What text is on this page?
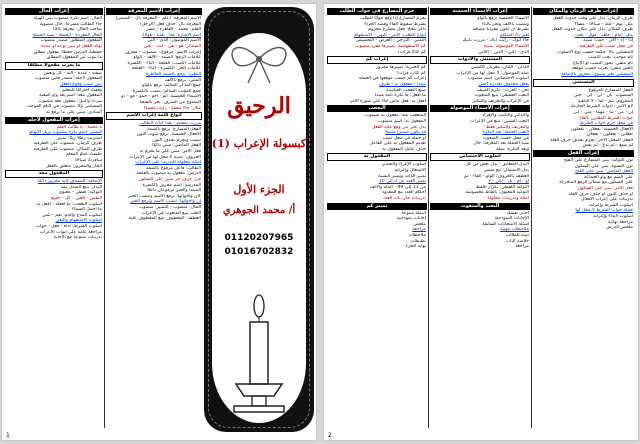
إعراب الحال
الحال: اسم نكرة منصوب يبين الهيئة
جاء الطالبُ مسرعًا: حال منصوبة
صاحب الحال: معرفة غالبًا
الحال المفردة - الجملة - شبه الجملة
المفعول المطلق: مصدر منصوب
يؤكد الفعل أو يبين نوعه أو عدده
حفظتُ الدرسَ حفظًا: مفعول مطلق
ما ينوب عن المفعول المطلق
ما يعرب مفعولًا مطلقًا
صفته - عدده - آلته - كل وبعض
المفعول لأجله: مصدر قلبي منصوب
يبين سبب وقوع الفعل
وقفتُ احترامًا للمعلم
المفعول معه: اسم بعد واو المعية
سرتُ والنيلَ: مفعول معه منصوب
المستثنى بإلا: منصوب في التام الموجب
المنادى: مبني على ما يرفع به
إعراب المفعول لأجله
يا محمدُ - يا طالبَ العلمِ
التمييز: اسم نكرة منصوب يزيل الإبهام
اشتريت رطلًا زيتًا: تمييز
ظرف الزمان: منصوب على الظرفية
ظرف المكان: منصوب على الظرفية
جلستُ أمامَ المعلمِ
سافرتُ صباحًا
الجار والمجرور: متعلق بالفعل
المفعول معه
الإضافة: المضاف إليه مجرور دائمًا
البدل: يتبع المبدل منه
التوكيد: لفظي - معنوي
النفس - العين - كل - جميع
أسلوب التعجب: ما أفعله - أفعل به
ما أجملَ السماءَ
أسلوب المدح والذم: نعم - بئس
أسلوب الاستفهام والنفي
أسلوب الشرط: أداة - فعل - جواب
مراجعة عامة على أبواب الإعراب
تدريبات متنوعة مع الإجابة
إعراب الاسم المعرفة
الاسم المعرفة: (علم - المعرفة بأل - الضمير)
المعرفة بأل: حذف فعل (الرجل)
العلم: محمد - القاهرة - مصر
اسم الإشارة: هذا - هذه - هؤلاء
الاسم الموصول: الذي - التي
الضمائر: هو - هي - أنت - نحن
إعراب الاسم: مرفوع - منصوب - مجرور
علامات الرفع: الضمة - الألف - الواو
علامات النصب: الفتحة - الياء - الكسرة
علامات الجر: الكسرة - الياء - الفتحة
المفرد: يرفع بالضمة الظاهرة
المثنى: يرفع بالألف
جمع المذكر السالم: يرفع بالواو
جمع المؤنث السالم: ينصب بالكسرة
الأسماء الخمسة: أبو - أخو - حمو - فو - ذو
الممنوع من الصرف: يجر بالفتحة
مثال: جاء محمدٌ - رأيت محمدًا
أنواع كلمة إعراب الاسم
مررت بمحمدٍ - هذا كتابُ الطالبِ
الفعل المضارع: يرفع بالضمة
الأفعال الخمسة: ترفع بثبوت النون
تنصب وتجزم بحذف النون
الفعل الماضي: مبني دائمًا
فعل الأمر: مبني على ما يجزم به
الحروف: مبنية لا محل لها من الإعراب
أمثلة محلولة للتدريب على الإعراب
الطالبُ: فاعل مرفوع بالضمة
الدرسَ: مفعول به منصوب بالفتحة
في: حرف جر مبني على السكون
المدرسةِ: اسم مجرور بالكسرة
المبتدأ والخبر مرفوعان دائمًا
كان وأخواتها: ترفع الاسم وتنصب الخبر
إن وأخواتها: تنصب الاسم وترفع الخبر
الحال: منصوب - التمييز: منصوب
النعت يتبع المنعوت في الإعراب
العطف: المعطوف يتبع المعطوف عليه
الرحيق
كبسولة الإعراب (1)
الجزء الأول
أ/ محمد الجوهري
01120207965
01016702832
1
جزم المضارع في جواب الطلب
يجزم المضارع إذا وقع جوابًا للطلب
بشرط سقوط الفاء وقصد الجزاء
ذاكر تنجحْ: فعل مضارع مجزوم
أنواع الطلب: الأمر - النهي - الاستفهام
التمني - الترجي - العرض - التحضيض
كم الاستفهامية: تمييزها مفرد منصوب
كم كتابًا قرأت؟
إعراب كم
كم الخبرية: تمييزها مجرور
كم كتابٍ قرأت!
إعراب كم حسب موقعها في الجملة
مبتدأ - مفعول به - ظرف
صيغ التعجب القياسية
ما أفعلَ: ما نكرة تامة مبتدأ
أفعل به: فعل ماض جاء على صورة الأمر
التعجب
المتعجب منه: مفعول به منصوب
المفعول به: اسم منصوب
يدل على من وقع عليه الفعل
قد يكون ضميرًا متصلًا
أو جملة في محل نصب
تقديم المفعول به على الفاعل
حذف عامل المفعول به
المفعول به
أسلوب الإغراء والتحذير
الاشتغال وإعرابه
تمييز الذات وتمييز النسبة
تمييز العدد من 3 إلى 10
من 11 إلى 99 - المئة والألف
أحكام العدد مع المعدود
تدريبات على باب العدد
تمييز كم
أسئلة متنوعة
إجابات نموذجية
ملخص
مراجعة
ملاحظات
تطبيقات
نهاية الجزء
إعراب الأسماء الخمسة
الأسماء الخمسة ترفع بالواو
وتنصب بالألف وتجر بالياء
بشرط أن تكون مفردة مضافة
لغير ياء المتكلم
جاء أبوك - رأيت أباك - مررت بأبيك
الأسماء الموصولة: مبنية
الذي - التي - الذين - اللاتي
المستثنى والأدوات
اللذان - اللتان: معربان كالمثنى
صلة الموصول: لا محل لها من الإعراب
أسلوب الاختصاص: اسم منصوب
بفعل محذوف تقديره أخص
نحن - العربَ - نكرم الضيف
النعت الحقيقي: يتبع المنعوت
في الإعراب والتعريف والتنكير
إعراب الأسماء الموصولة
والتذكير والتأنيث والإفراد
النعت السببي: يتبع في الإعراب
والتعريف والتنكير فقط
النعت الجملة: بعد النكرة
في محل حسب المنعوت
شبه الجملة بعد المعرفة: حال
وبعد النكرة: صفة
أسلوب الاختصاص
البدل المطابق - بدل بعض من كل
بدل الاشتمال: مع ضمير
العطف بالحروف: الواو - الفاء - ثم
أو - أم - بل - لكن - لا
التوكيد اللفظي: تكرار اللفظ
التوكيد المعنوي: بألفاظ مخصوصة
أمثلة وتدريبات محلولة
النعت والمنعوت
اختبر نفسك
الإجابات النموذجية
أسئلة الامتحانات السابقة
ملاحظات مهمة
تنبيه للطالب
خلاصة الباب
مراجعة
إعراب ظرف الزمان والمكان
ظرف الزمان: يدل على وقت حدوث الفعل
مثل: يوم - ليلة - صباحًا - مساءً
ظرف المكان: يدل على مكان حدوث الفعل
مثل: أمام - خلف - فوق - تحت
إذا - إذ - الآن - حيث: مبنية
في محل نصب على الظرفية
المستثنى بإلا: حكمه حسب نوع الأسلوب
تام موجب: يجب النصب
تام منفي: يجوز النصب أو الإتباع
ناقص منفي: يعرب حسب موقعه
المستثنى بغير وسوى: مجرور بالإضافة
المستثنى
الفعل المضارع المرفوع
المنصوب: بأن - لن - كي - حتى
المجزوم: بلم - لما - لا الناهية
لام الأمر - أدوات الشرط الجازمة
إن - من - ما - مهما - متى - أين
جواب الشرط المقترن بالفاء
في محل جزم جواب الشرط
الأفعال الخمسة: يفعلان - تفعلون
تفعلين - يفعلون - تفعلان
الفعل المعتل الآخر: يجزم بحذف حرف العلة
لم يسعَ - لم يدعُ - لم يقضِ
إعراب الفعل
نون التوكيد: يبنى المضارع على الفتح
نون النسوة: يبنى على السكون
الفعل الماضي: يبنى على الفتح
على الضم مع واو الجماعة
على السكون مع ضمائر الرفع المتحركة
فعل الأمر: يبنى على السكون
أو حذف النون أو حذف حرف العلة
تدريبات على إعراب الأفعال
أسلوب الشرط وإعرابه
جملة جواب الشرط لا محل لها
أسلوب النداء وإعرابه
مراجعة نهائية
ملخص الدرس
2
